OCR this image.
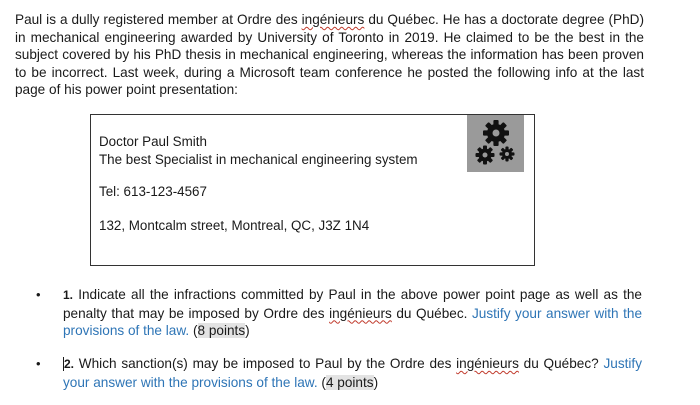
Paul is a dully registered member at Ordre des ingénieurs du Québec. He has a doctorate degree (PhD) in mechanical engineering awarded by University of Toronto in 2019. He claimed to be the best in the subject covered by his PhD thesis in mechanical engineering, whereas the information has been proven to be incorrect. Last week, during a Microsoft team conference he posted the following info at the last page of his power point presentation:

Doctor Paul Smith
The best Specialist in mechanical engineering system
Tel: 613-123-4567
132, Montcalm street, Montreal, QC, J3Z 1N4
•	1. Indicate all the infractions committed by Paul in the above power point page as well as the penalty that may be imposed by Ordre des ingénieurs du Québec. Justify your answer with the provisions of the law. (8 points)
•	2. Which sanction(s) may be imposed to Paul by the Ordre des ingénieurs du Québec? Justify your answer with the provisions of the law. (4 points)
